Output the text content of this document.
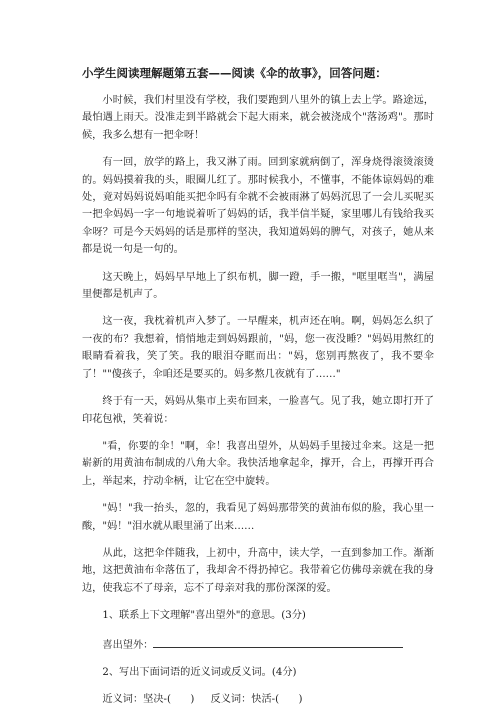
小学生阅读理解题第五套——阅读《伞的故事》，回答问题：

小时候，我们村里没有学校，我们要跑到八里外的镇上去上学。路途远，最怕遇上雨天。没准走到半路就会下起大雨来，就会被浇成个"落汤鸡"。那时候，我多么想有一把伞呀！

有一回，放学的路上，我又淋了雨。回到家就病倒了，浑身烧得滚烫滚烫的。妈妈摸着我的头，眼圈儿红了。那时候我小，不懂事，不能体谅妈妈的难处，竟对妈妈说妈咱能买把伞吗有伞就不会被雨淋了妈妈沉思了一会儿买呢买一把伞妈妈一字一句地说着听了妈妈的话，我半信半疑，家里哪儿有钱给我买伞呀？可是今天妈妈的话是那样的坚决，我知道妈妈的脾气，对孩子，她从来都是说一句是一句的。

这天晚上，妈妈早早地上了织布机，脚一蹬，手一搬，"哐里哐当"，满屋里便都是机声了。

这一夜，我枕着机声入梦了。一早醒来，机声还在响。啊，妈妈怎么织了一夜的布？我想着，悄悄地走到妈妈跟前，"妈，您一夜没睡？"妈妈用熬红的眼睛看着我，笑了笑。我的眼泪夺眶而出："妈，您别再熬夜了，我不要伞了！""傻孩子，伞咱还是要买的。妈多熬几夜就有了……"

终于有一天，妈妈从集市上卖布回来，一脸喜气。见了我，她立即打开了印花包袱，笑着说：

"看，你要的伞！"啊，伞！我喜出望外，从妈妈手里接过伞来。这是一把崭新的用黄油布制成的八角大伞。我快活地拿起伞，撑开，合上，再撑开再合上，举起来，拧动伞柄，让它在空中旋转。

"妈！"我一抬头，忽的，我看见了妈妈那带笑的黄油布似的脸，我心里一酸，"妈！"泪水就从眼里涌了出来……

从此，这把伞伴随我，上初中，升高中，读大学，一直到参加工作。渐渐地，这把黄油布伞落伍了，我却舍不得扔掉它。我带着它仿佛母亲就在我的身边，使我忘不了母亲，忘不了母亲对我的那份深深的爱。

1、联系上下文理解"喜出望外"的意思。(3分)

喜出望外：

2、写出下面词语的近义词或反义词。(4分)

近义词：坚决-(      )     反义词：快活-(      )
